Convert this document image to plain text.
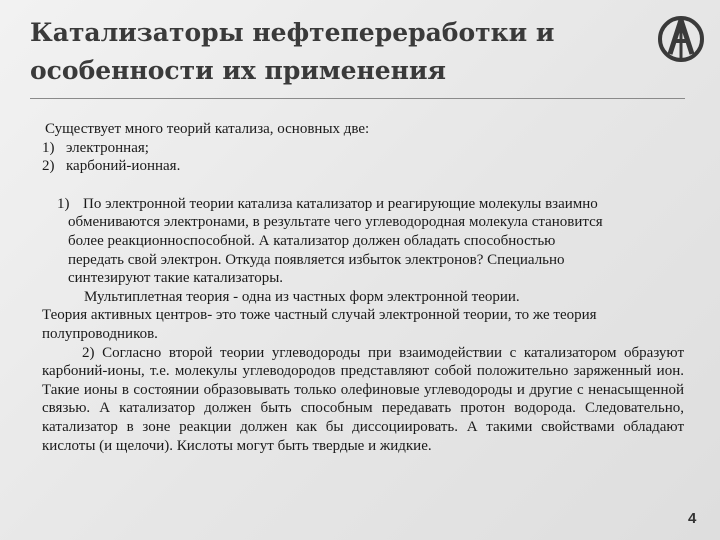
Катализаторы нефтепереработки и
особенности их применения

Существует много теорий катализа, основных две:

1) электронная;
2) карбоний-ионная.
1) По электронной теории катализа катализатор и реагирующие молекулы взаимно

обмениваются электронами, в результате чего углеводородная молекула становится

более реакционноспособной. А катализатор должен обладать способностью

передать свой электрон. Откуда появляется избыток электронов? Специально

синтезируют такие катализаторы.

Мультиплетная теория - одна из частных форм электронной теории.

Теория активных центров- это тоже частный случай электронной теории, то же теория полупроводников.

2) Согласно второй теории углеводороды при взаимодействии с катализатором образуют карбоний-ионы, т.е. молекулы углеводородов представляют собой положительно заряженный ион. Такие ионы в состоянии образовывать только олефиновые углеводороды и другие с ненасыщенной связью. А катализатор должен быть способным передавать протон водорода. Следовательно, катализатор в зоне реакции должен как бы диссоциировать. А такими свойствами обладают кислоты (и щелочи). Кислоты могут быть твердые и жидкие.

4
